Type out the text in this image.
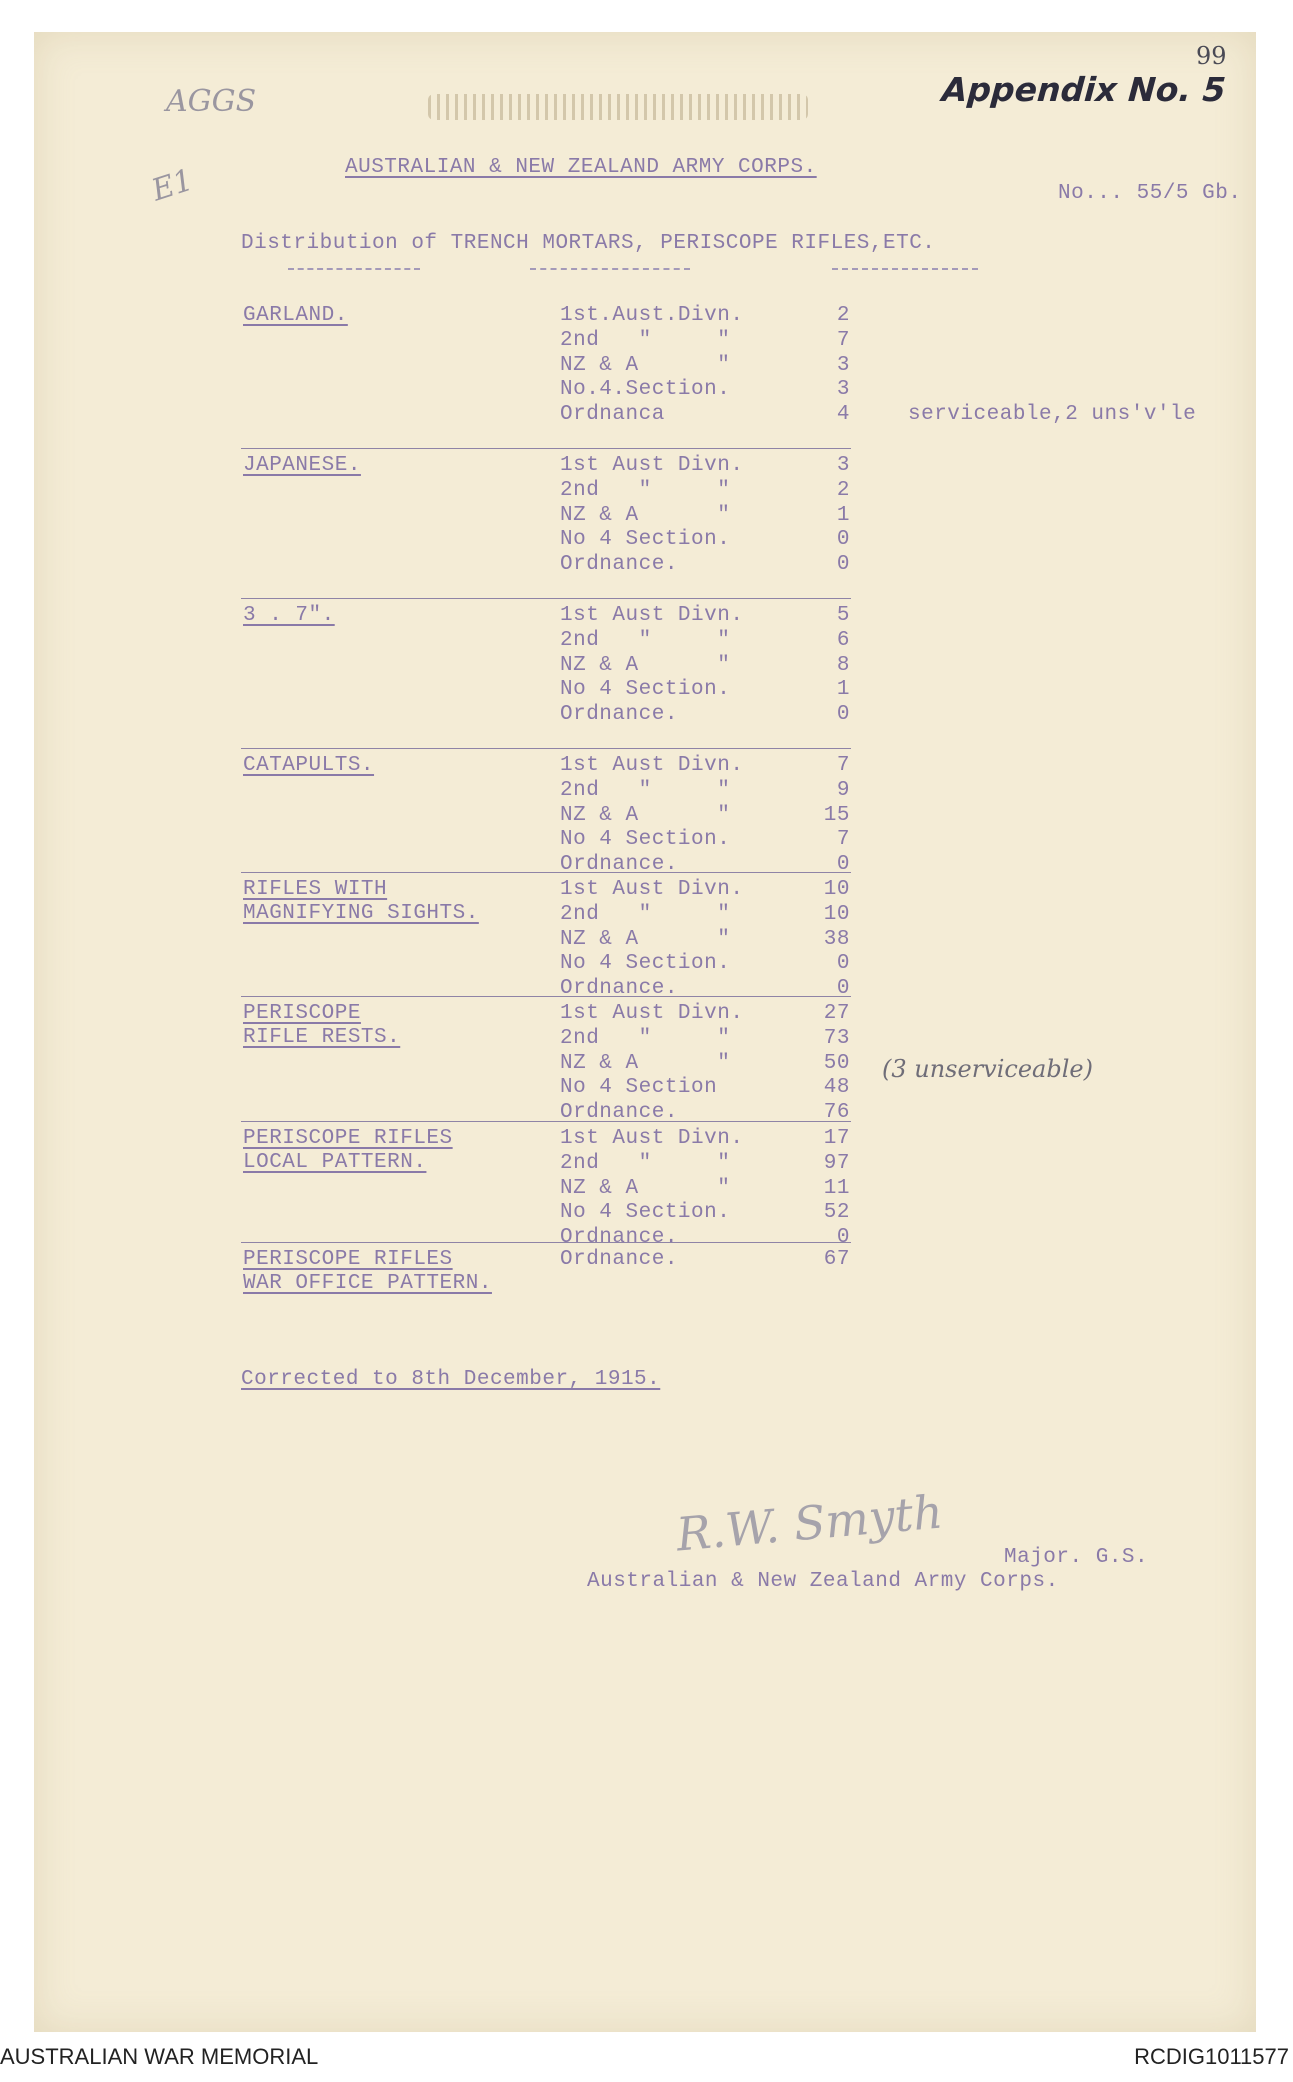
99
Appendix No. 5
AGGS
E1	AUSTRALIAN & NEW ZEALAND ARMY CORPS.
No... 55/5 Gb.
Distribution of TRENCH MORTARS, PERISCOPE RIFLES,ETC.
GARLAND.	1st.Aust.Divn.	2
2nd   "     "	7
NZ & A      "	3
No.4.Section.	3
Ordnanca	4	serviceable,2 uns'v'le
JAPANESE.	1st Aust Divn.	3
2nd   "     "	2
NZ & A      "	1
No 4 Section.	0
Ordnance.	0
3 . 7".	1st Aust Divn.	5
2nd   "     "	6
NZ & A      "	8
No 4 Section.	1
Ordnance.	0
CATAPULTS.	1st Aust Divn.	7
2nd   "     "	9
NZ & A      "	15
No 4 Section.	7
Ordnance.	0
RIFLES WITH
MAGNIFYING SIGHTS.
1st Aust Divn.	10
2nd   "     "	10
NZ & A      "	38
No 4 Section.	0
Ordnance.	0
PERISCOPE
RIFLE RESTS.
1st Aust Divn.	27
2nd   "     "	73
NZ & A      "	50
No 4 Section	48
Ordnance.	76
(3 unserviceable)
PERISCOPE RIFLES
LOCAL PATTERN.
1st Aust Divn.	17
2nd   "     "	97
NZ & A      "	11
No 4 Section.	52
Ordnance.	0
PERISCOPE RIFLES
WAR OFFICE PATTERN.
Ordnance.	67
Corrected to 8th December, 1915.
R.W. Smyth	Major. G.S.
Australian & New Zealand Army Corps.
AUSTRALIAN WAR MEMORIAL	RCDIG1011577
